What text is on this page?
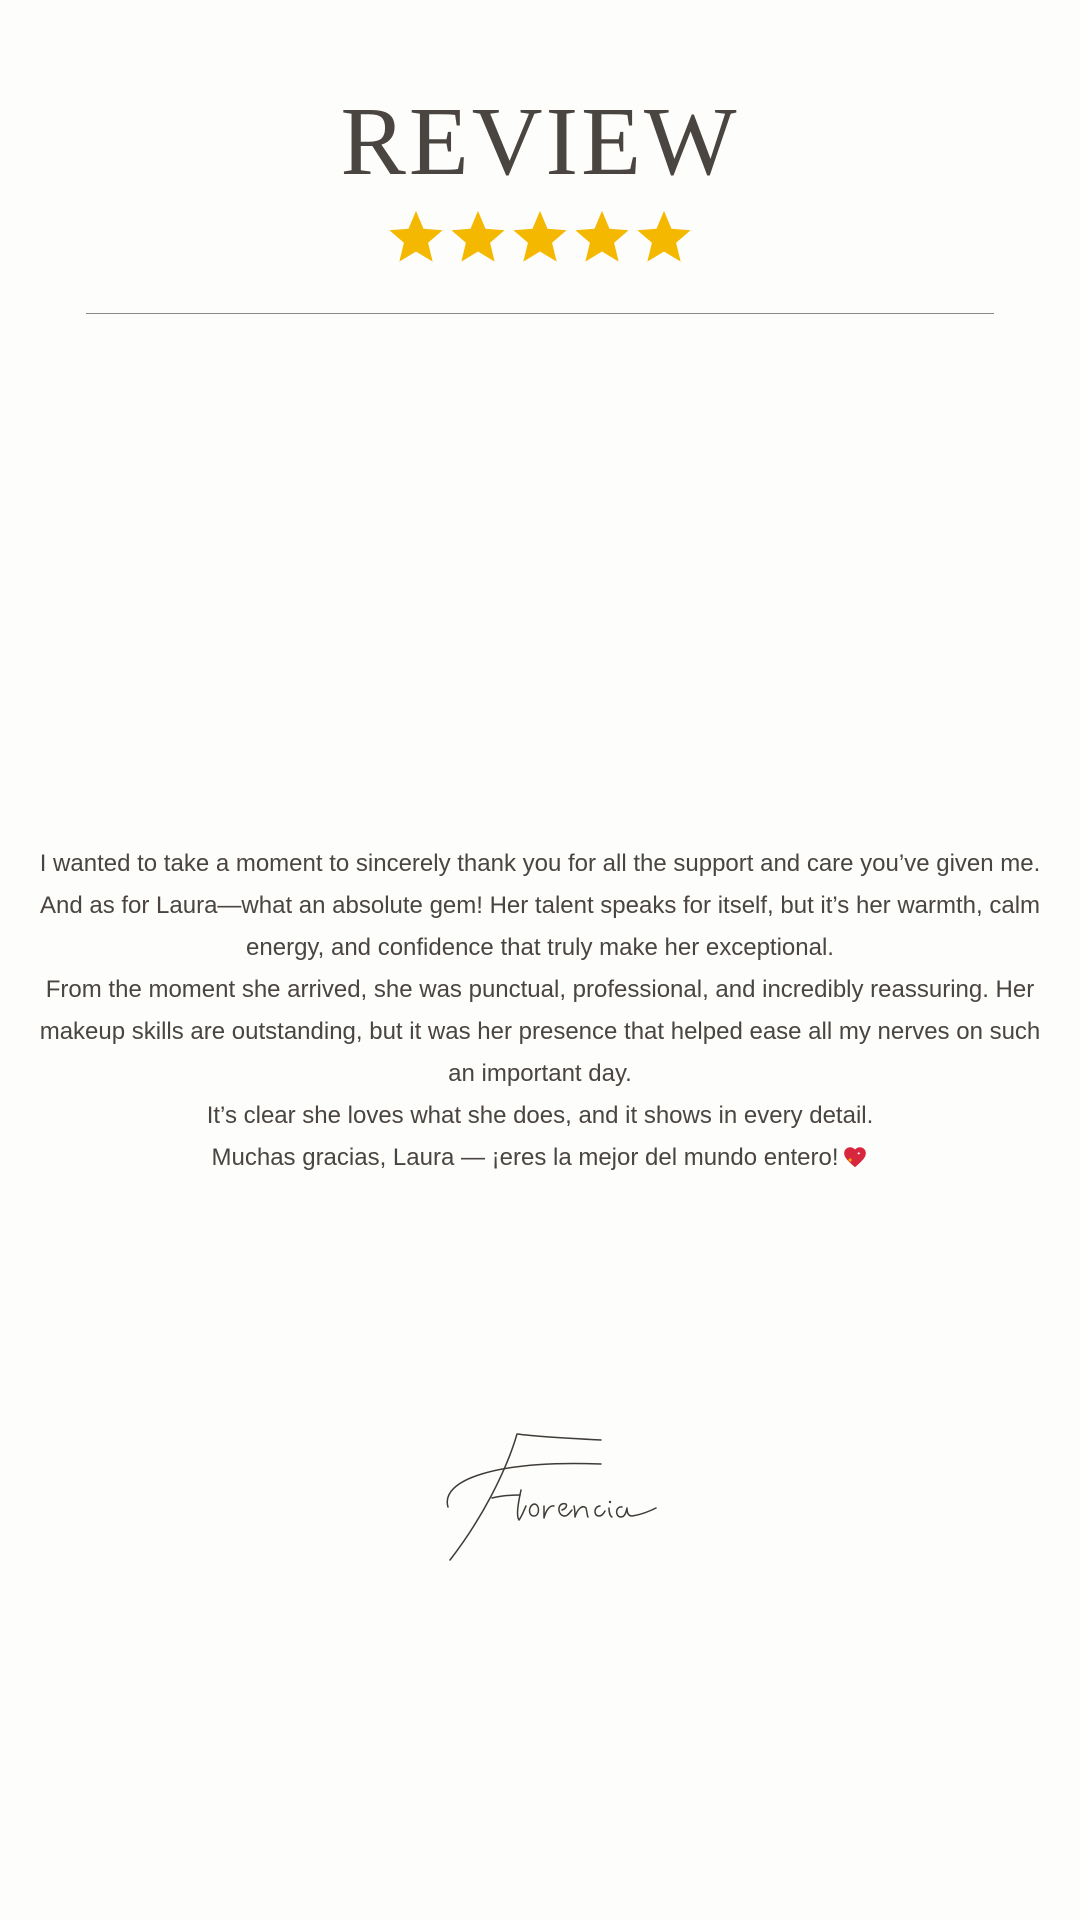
REVIEW

I wanted to take a moment to sincerely thank you for all the support and care you’ve given me. And as for Laura—what an absolute gem! Her talent speaks for itself, but it’s her warmth, calm energy, and confidence that truly make her exceptional.

From the moment she arrived, she was punctual, professional, and incredibly reassuring. Her makeup skills are outstanding, but it was her presence that helped ease all my nerves on such an important day.

It’s clear she loves what she does, and it shows in every detail.

Muchas gracias, Laura — ¡eres la mejor del mundo entero!
